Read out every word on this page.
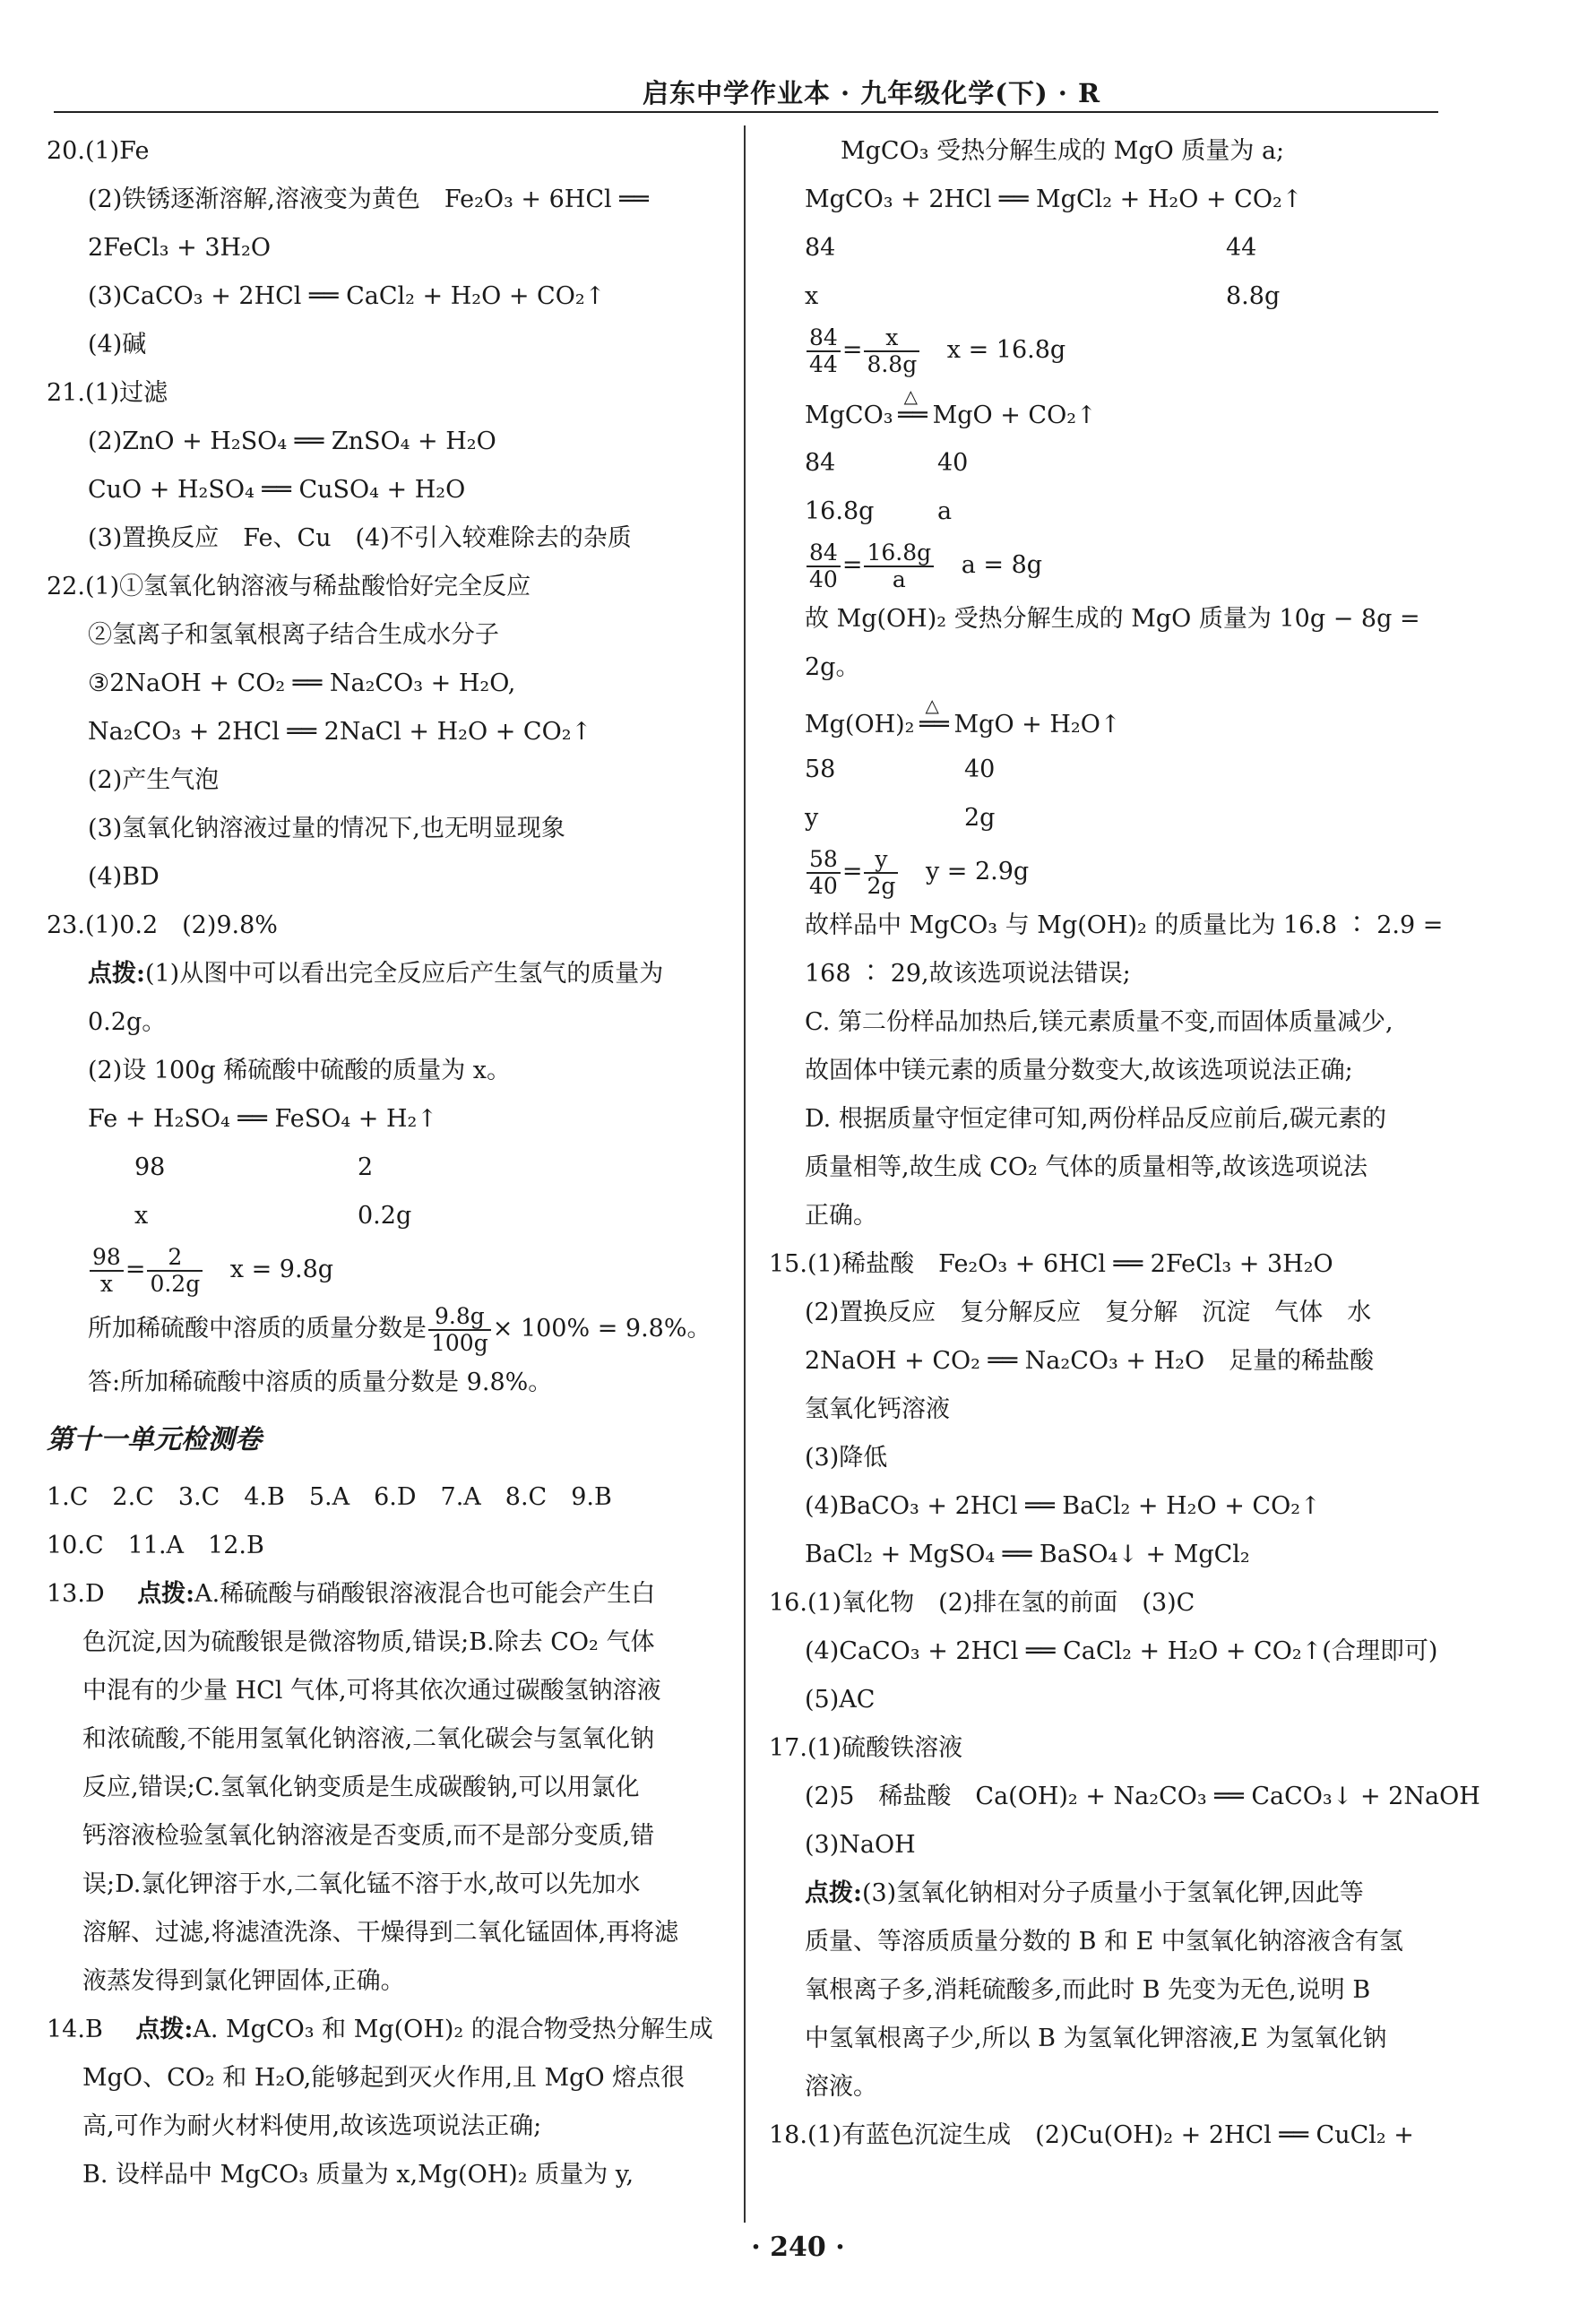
启东中学作业本 · 九年级化学(下) · R
20.(1)Fe
(2)铁锈逐渐溶解,溶液变为黄色　Fe₂O₃ + 6HCl ══
2FeCl₃ + 3H₂O
(3)CaCO₃ + 2HCl ══ CaCl₂ + H₂O + CO₂↑
(4)碱
21.(1)过滤
(2)ZnO + H₂SO₄ ══ ZnSO₄ + H₂O
CuO + H₂SO₄ ══ CuSO₄ + H₂O
(3)置换反应　Fe、Cu　(4)不引入较难除去的杂质
22.(1)①氢氧化钠溶液与稀盐酸恰好完全反应
②氢离子和氢氧根离子结合生成水分子
③2NaOH + CO₂ ══ Na₂CO₃ + H₂O,
Na₂CO₃ + 2HCl ══ 2NaCl + H₂O + CO₂↑
(2)产生气泡
(3)氢氧化钠溶液过量的情况下,也无明显现象
(4)BD
23.(1)0.2　(2)9.8%
点拨:(1)从图中可以看出完全反应后产生氢气的质量为
0.2g。
(2)设 100g 稀硫酸中硫酸的质量为 x。
Fe + H₂SO₄ ══ FeSO₄ + H₂↑
98	2
x	0.2g
$\frac{98}{x} = \frac{2}{0.2g}$ x = 9.8g
所加稀硫酸中溶质的质量分数是 $\frac{9.8g}{100g} \times 100\% = 9.8\%$。
答:所加稀硫酸中溶质的质量分数是 9.8%。
第十一单元检测卷
1.C　2.C　3.C　4.B　5.A　6.D　7.A　8.C　9.B
10.C　11.A　12.B
13.D 点拨:A.稀硫酸与硝酸银溶液混合也可能会产生白
色沉淀,因为硫酸银是微溶物质,错误;B.除去 CO₂ 气体
中混有的少量 HCl 气体,可将其依次通过碳酸氢钠溶液
和浓硫酸,不能用氢氧化钠溶液,二氧化碳会与氢氧化钠
反应,错误;C.氢氧化钠变质是生成碳酸钠,可以用氯化
钙溶液检验氢氧化钠溶液是否变质,而不是部分变质,错
误;D.氯化钾溶于水,二氧化锰不溶于水,故可以先加水
溶解、过滤,将滤渣洗涤、干燥得到二氧化锰固体,再将滤
液蒸发得到氯化钾固体,正确。
14.B 点拨:A. MgCO₃ 和 Mg(OH)₂ 的混合物受热分解生成
MgO、CO₂ 和 H₂O,能够起到灭火作用,且 MgO 熔点很
高,可作为耐火材料使用,故该选项说法正确;
B. 设样品中 MgCO₃ 质量为 x,Mg(OH)₂ 质量为 y,
MgCO₃ 受热分解生成的 MgO 质量为 a;
MgCO₃ + 2HCl ══ MgCl₂ + H₂O + CO₂↑
84	44
x	8.8g
$\frac{84}{44} = \frac{x}{8.8g}$ x = 16.8g
MgCO₃
△
══ MgO + CO₂↑
84	40
16.8g	a
$\frac{84}{40} = \frac{16.8g}{a}$ a = 8g
故 Mg(OH)₂ 受热分解生成的 MgO 质量为 10g − 8g =
2g。
Mg(OH)₂
△
══ MgO + H₂O↑
58	40
y	2g
$\frac{58}{40} = \frac{y}{2g}$ y = 2.9g
故样品中 MgCO₃ 与 Mg(OH)₂ 的质量比为 16.8 ∶ 2.9 =
168 ∶ 29,故该选项说法错误;
C. 第二份样品加热后,镁元素质量不变,而固体质量减少,
故固体中镁元素的质量分数变大,故该选项说法正确;
D. 根据质量守恒定律可知,两份样品反应前后,碳元素的
质量相等,故生成 CO₂ 气体的质量相等,故该选项说法
正确。
15.(1)稀盐酸　Fe₂O₃ + 6HCl ══ 2FeCl₃ + 3H₂O
(2)置换反应　复分解反应　复分解　沉淀　气体　水
2NaOH + CO₂ ══ Na₂CO₃ + H₂O　足量的稀盐酸
氢氧化钙溶液
(3)降低
(4)BaCO₃ + 2HCl ══ BaCl₂ + H₂O + CO₂↑
BaCl₂ + MgSO₄ ══ BaSO₄↓ + MgCl₂
16.(1)氧化物　(2)排在氢的前面　(3)C
(4)CaCO₃ + 2HCl ══ CaCl₂ + H₂O + CO₂↑(合理即可)
(5)AC
17.(1)硫酸铁溶液
(2)5　稀盐酸　Ca(OH)₂ + Na₂CO₃ ══ CaCO₃↓ + 2NaOH
(3)NaOH
点拨:(3)氢氧化钠相对分子质量小于氢氧化钾,因此等
质量、等溶质质量分数的 B 和 E 中氢氧化钠溶液含有氢
氧根离子多,消耗硫酸多,而此时 B 先变为无色,说明 B
中氢氧根离子少,所以 B 为氢氧化钾溶液,E 为氢氧化钠
溶液。
18.(1)有蓝色沉淀生成　(2)Cu(OH)₂ + 2HCl ══ CuCl₂ +
· 240 ·
